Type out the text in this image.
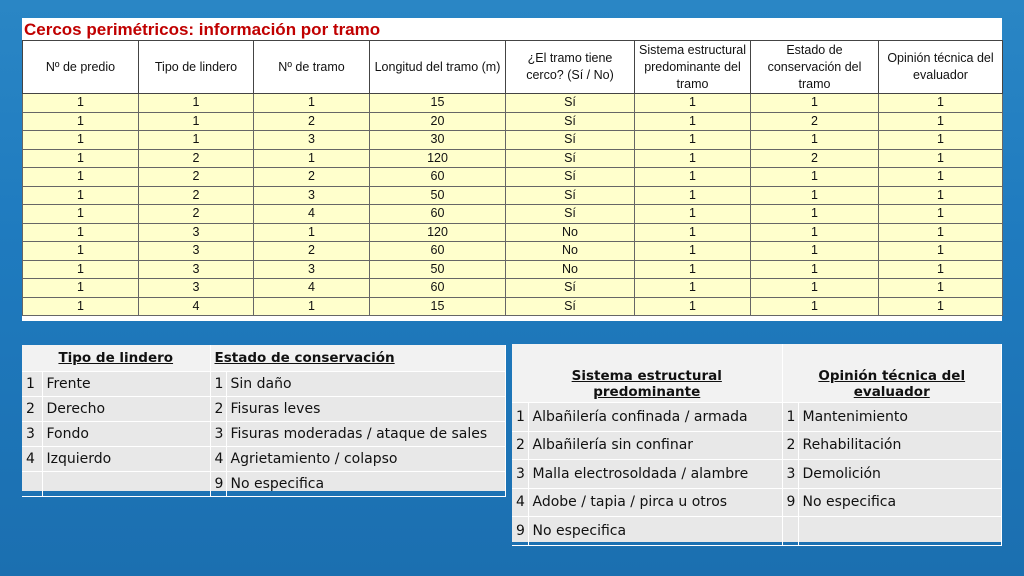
Cercos perimétricos: información por tramo
Nº de predio	Tipo de lindero	Nº de tramo	Longitud del tramo (m)	¿El tramo tiene cerco? (Sí / No)	Sistema estructural predominante del tramo	Estado de conservación del tramo	Opinión técnica del evaluador
1	1	1	15	Sí	1	1	1
1	1	2	20	Sí	1	2	1
1	1	3	30	Sí	1	1	1
1	2	1	120	Sí	1	2	1
1	2	2	60	Sí	1	1	1
1	2	3	50	Sí	1	1	1
1	2	4	60	Sí	1	1	1
1	3	1	120	No	1	1	1
1	3	2	60	No	1	1	1
1	3	3	50	No	1	1	1
1	3	4	60	Sí	1	1	1
1	4	1	15	Sí	1	1	1
Tipo de lindero		Estado de conservación	
1	Frente	1	Sin daño
2	Derecho	2	Fisuras leves
3	Fondo	3	Fisuras moderadas / ataque de sales
4	Izquierdo	4	Agrietamiento / colapso
		9	No especifica
Sistema estructural predominante		Opinión técnica del evaluador	
1	Albañilería confinada / armada	1	Mantenimiento
2	Albañilería sin confinar	2	Rehabilitación
3	Malla electrosoldada / alambre	3	Demolición
4	Adobe / tapia / pirca u otros	9	No especifica
9	No especifica		
